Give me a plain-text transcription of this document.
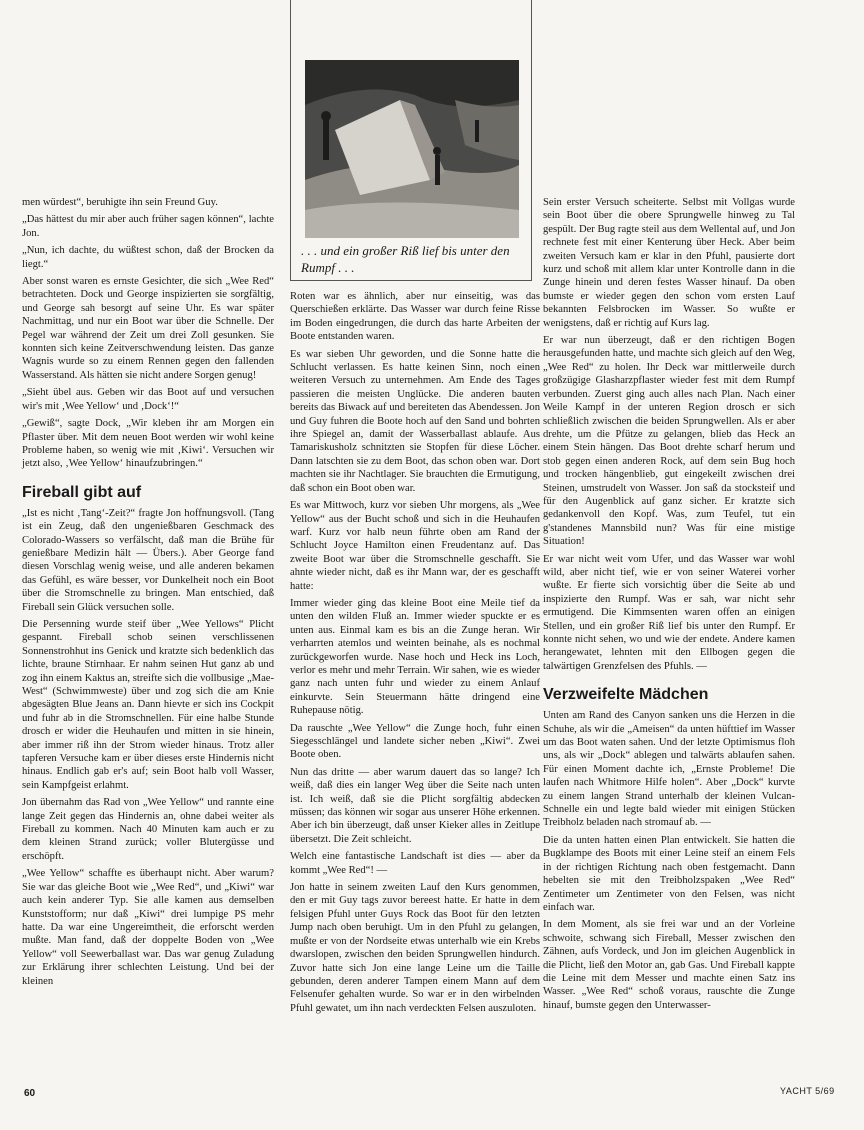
men würdest“, beruhigte ihn sein Freund Guy.

„Das hättest du mir aber auch früher sagen können“, lachte Jon.

„Nun, ich dachte, du wüßtest schon, daß der Brocken da liegt.“

Aber sonst waren es ernste Gesichter, die sich „Wee Red“ betrachteten. Dock und George inspizierten sie sorgfältig, und George sah besorgt auf seine Uhr. Es war später Nachmittag, und nur ein Boot war über die Schnelle. Der Pegel war während der Zeit um drei Zoll gesunken. Sie konnten sich keine Zeitverschwendung leisten. Das ganze Wagnis wurde so zu einem Rennen gegen den fallenden Wasserstand. Als hätten sie nicht andere Sorgen genug!

„Sieht übel aus. Geben wir das Boot auf und versuchen wir's mit ‚Wee Yellow‘ und ‚Dock‘!“

„Gewiß“, sagte Dock, „Wir kleben ihr am Morgen ein Pflaster über. Mit dem neuen Boot werden wir wohl keine Probleme haben, so wenig wie mit ‚Kiwi‘. Versuchen wir jetzt also, ‚Wee Yellow‘ hinaufzubringen.“

Fireball gibt auf

„Ist es nicht ‚Tang‘-Zeit?“ fragte Jon hoffnungsvoll. (Tang ist ein Zeug, daß den ungenießbaren Geschmack des Colorado-Wassers so verfälscht, daß man die Brühe für genießbare Medizin hält — Übers.). Aber George fand diesen Vorschlag wenig weise, und alle anderen bekamen das Gefühl, es wäre besser, vor Dunkelheit noch ein Boot über die Stromschnelle zu bringen. Man entschied, daß Fireball sein Glück versuchen solle.

Die Persenning wurde steif über „Wee Yellows“ Plicht gespannt. Fireball schob seinen verschlissenen Sonnenstrohhut ins Genick und kratzte sich bedenklich das lichte, braune Stirnhaar. Er nahm seinen Hut ganz ab und zog ihn einem Kaktus an, streifte sich die vollbusige „Mae-West“ (Schwimmweste) über und zog sich die am Knie abgesägten Blue Jeans an. Dann hievte er sich ins Cockpit und fuhr ab in die Stromschnellen. Für eine halbe Stunde drosch er wider die Heuhaufen und mitten in sie hinein, aber immer riß ihn der Strom wieder hinaus. Trotz aller tapferen Versuche kam er über dieses erste Hindernis nicht hinaus. Endlich gab er's auf; sein Boot halb voll Wasser, sein Kampfgeist erlahmt.

Jon übernahm das Rad von „Wee Yellow“ und rannte eine lange Zeit gegen das Hindernis an, ohne dabei weiter als Fireball zu kommen. Nach 40 Minuten kam auch er zu dem kleinen Strand zurück; voller Blutergüsse und erschöpft.

„Wee Yellow“ schaffte es überhaupt nicht. Aber warum? Sie war das gleiche Boot wie „Wee Red“, und „Kiwi“ war auch kein anderer Typ. Sie alle kamen aus demselben Kunststofform; nur daß „Kiwi“ drei lumpige PS mehr hatte. Da war eine Ungereimtheit, die erforscht werden mußte. Man fand, daß der doppelte Boden von „Wee Yellow“ voll Seewerballast war. Das war genug Zuladung zur Erklärung ihrer schlechten Leistung. Und bei der kleinen

. . . und ein großer Riß lief bis unter den Rumpf . . .

Roten war es ähnlich, aber nur einseitig, was das Querschießen erklärte. Das Wasser war durch feine Risse im Boden eingedrungen, die durch das harte Arbeiten der Boote entstanden waren.

Es war sieben Uhr geworden, und die Sonne hatte die Schlucht verlassen. Es hatte keinen Sinn, noch einen weiteren Versuch zu unternehmen. Am Ende des Tages passieren die meisten Unglücke. Die anderen bauten bereits das Biwack auf und bereiteten das Abendessen. Jon und Guy fuhren die Boote hoch auf den Sand und bohrten ihre Spiegel an, damit der Wasserballast ablaufe. Aus Tamariskusholz schnitzten sie Stopfen für diese Löcher. Dann latschten sie zu dem Boot, das schon oben war. Dort machten sie ihr Nachtlager. Sie brauchten die Ermutigung, daß schon ein Boot oben war.

Es war Mittwoch, kurz vor sieben Uhr morgens, als „Wee Yellow“ aus der Bucht schoß und sich in die Heuhaufen warf. Kurz vor halb neun führte oben am Rand der Schlucht Joyce Hamilton einen Freudentanz auf. Das zweite Boot war über die Stromschnelle geschafft. Sie ahnte wieder nicht, daß es ihr Mann war, der es geschafft hatte:

Immer wieder ging das kleine Boot eine Meile tief da unten den wilden Fluß an. Immer wieder spuckte er es unten aus. Einmal kam es bis an die Zunge heran. Wir verharrten atemlos und weinten beinahe, als es nochmal zurückgeworfen wurde. Nase hoch und Heck ins Loch, verlor es mehr und mehr Terrain. Wir sahen, wie es wieder ganz nach unten fuhr und wieder zu einem Anlauf einkurvte. Sein Steuermann hätte dringend eine Ruhepause nötig.

Da rauschte „Wee Yellow“ die Zunge hoch, fuhr einen Siegesschlängel und landete sicher neben „Kiwi“. Zwei Boote oben.

Nun das dritte — aber warum dauert das so lange? Ich weiß, daß dies ein langer Weg über die Seite nach unten ist. Ich weiß, daß sie die Plicht sorgfältig abdecken müssen; das können wir sogar aus unserer Höhe erkennen. Aber ich bin überzeugt, daß unser Kieker alles in Zeitlupe übersetzt. Die Zeit schleicht.

Welch eine fantastische Landschaft ist dies — aber da kommt „Wee Red“! —

Jon hatte in seinem zweiten Lauf den Kurs genommen, den er mit Guy tags zuvor bereest hatte. Er hatte in dem felsigen Pfuhl unter Guys Rock das Boot für den letzten Jump nach oben beruhigt. Um in den Pfuhl zu gelangen, mußte er von der Nordseite etwas unterhalb wie ein Krebs dwarslopen, zwischen den beiden Sprungwellen hindurch. Zuvor hatte sich Jon eine lange Leine um die Taille gebunden, deren anderer Tampen einem Mann auf dem Felsenufer gehalten wurde. So war er in den wirbelnden Pfuhl gewatet, um ihn nach verdeckten Felsen auszuloten.

Sein erster Versuch scheiterte. Selbst mit Vollgas wurde sein Boot über die obere Sprungwelle hinweg zu Tal gespült. Der Bug ragte steil aus dem Wellental auf, und Jon rechnete fest mit einer Kenterung über Heck. Aber beim zweiten Versuch kam er klar in den Pfuhl, pausierte dort kurz und schoß mit allem klar unter Kontrolle dann in die Zunge hinein und deren festes Wasser hinauf. Da oben bumste er wieder gegen den schon vom ersten Lauf bekannten Felsbrocken im Wasser. So wußte er wenigstens, daß er richtig auf Kurs lag.

Er war nun überzeugt, daß er den richtigen Bogen herausgefunden hatte, und machte sich gleich auf den Weg, „Wee Red“ zu holen. Ihr Deck war mittlerweile durch großzügige Glasharzpflaster wieder fest mit dem Rumpf verbunden. Zuerst ging auch alles nach Plan. Nach einer Weile Kampf in der unteren Region drosch er sich schließlich zwischen die beiden Sprungwellen. Als er aber drehte, um die Pfütze zu gelangen, blieb das Heck an einem Stein hängen. Das Boot drehte scharf herum und stob gegen einen anderen Rock, auf dem sein Bug hoch und trocken hängenblieb, gut eingekeilt zwischen drei Steinen, umstrudelt von Wasser. Jon saß da stocksteif und für den Augenblick auf ganz sicher. Er kratzte sich gedankenvoll den Kopf. Was, zum Teufel, tut ein g'standenes Mannsbild nun? Was für eine mistige Situation!

Er war nicht weit vom Ufer, und das Wasser war wohl wild, aber nicht tief, wie er von seiner Waterei vorher wußte. Er fierte sich vorsichtig über die Seite ab und inspizierte den Rumpf. Was er sah, war nicht sehr ermutigend. Die Kimmsenten waren offen an einigen Stellen, und ein großer Riß lief bis unter den Rumpf. Er konnte nicht sehen, wo und wie der endete. Andere kamen herangewatet, lehnten mit den Ellbogen gegen die talwärtigen Grenzfelsen des Pfuhls. —

Verzweifelte Mädchen

Unten am Rand des Canyon sanken uns die Herzen in die Schuhe, als wir die „Ameisen“ da unten hüfttief im Wasser um das Boot waten sahen. Und der letzte Optimismus floh uns, als wir „Dock“ ablegen und talwärts ablaufen sahen. Für einen Moment dachte ich, „Ernste Probleme! Die laufen nach Whitmore Hilfe holen“. Aber „Dock“ kurvte zu einem langen Strand unterhalb der kleinen Vulcan-Schnelle ein und legte bald wieder mit einigen Stücken Treibholz beladen nach stromauf ab. —

Die da unten hatten einen Plan entwickelt. Sie hatten die Bugklampe des Boots mit einer Leine steif an einem Fels in der richtigen Richtung nach oben festgemacht. Dann hebelten sie mit den Treibholzspaken „Wee Red“ Zentimeter um Zentimeter von den Felsen, was nicht einfach war.

In dem Moment, als sie frei war und an der Vorleine schwoite, schwang sich Fireball, Messer zwischen den Zähnen, aufs Vordeck, und Jon im gleichen Augenblick in die Plicht, ließ den Motor an, gab Gas. Und Fireball kappte die Leine mit dem Messer und machte einen Satz ins Wasser. „Wee Red“ schoß voraus, rauschte die Zunge hinauf, bumste gegen den Unterwasser-

60	YACHT 5/69
